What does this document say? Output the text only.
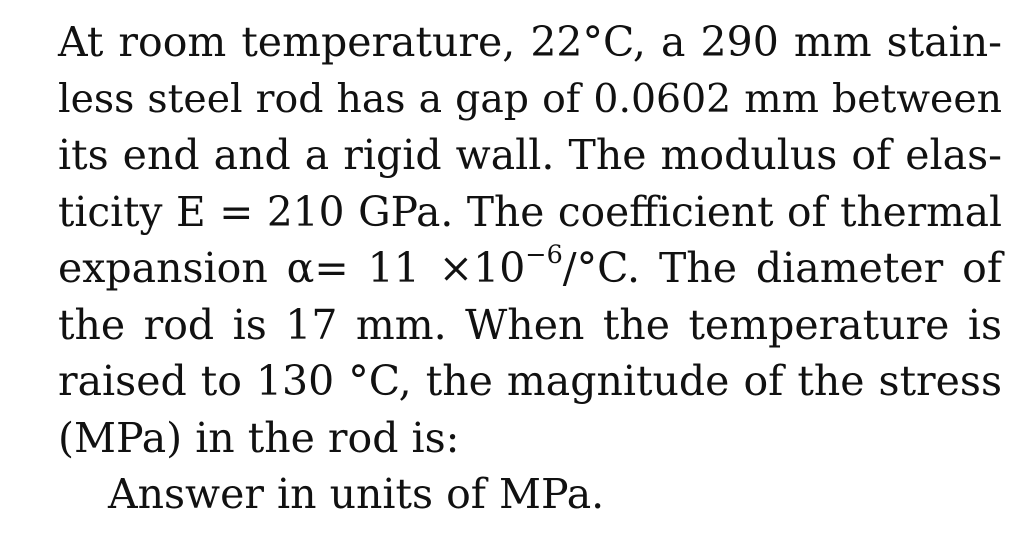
At room temperature, 22°C, a 290 mm stain-
less steel rod has a gap of 0.0602 mm between
its end and a rigid wall. The modulus of elas-
ticity E = 210 GPa. The coefficient of thermal
expansion $\alpha= 11 \times 10^{-6}/^\circ C$. The diameter of
the rod is 17 mm. When the temperature is
raised to 130 °C, the magnitude of the stress
(MPa) in the rod is:
Answer in units of MPa.
